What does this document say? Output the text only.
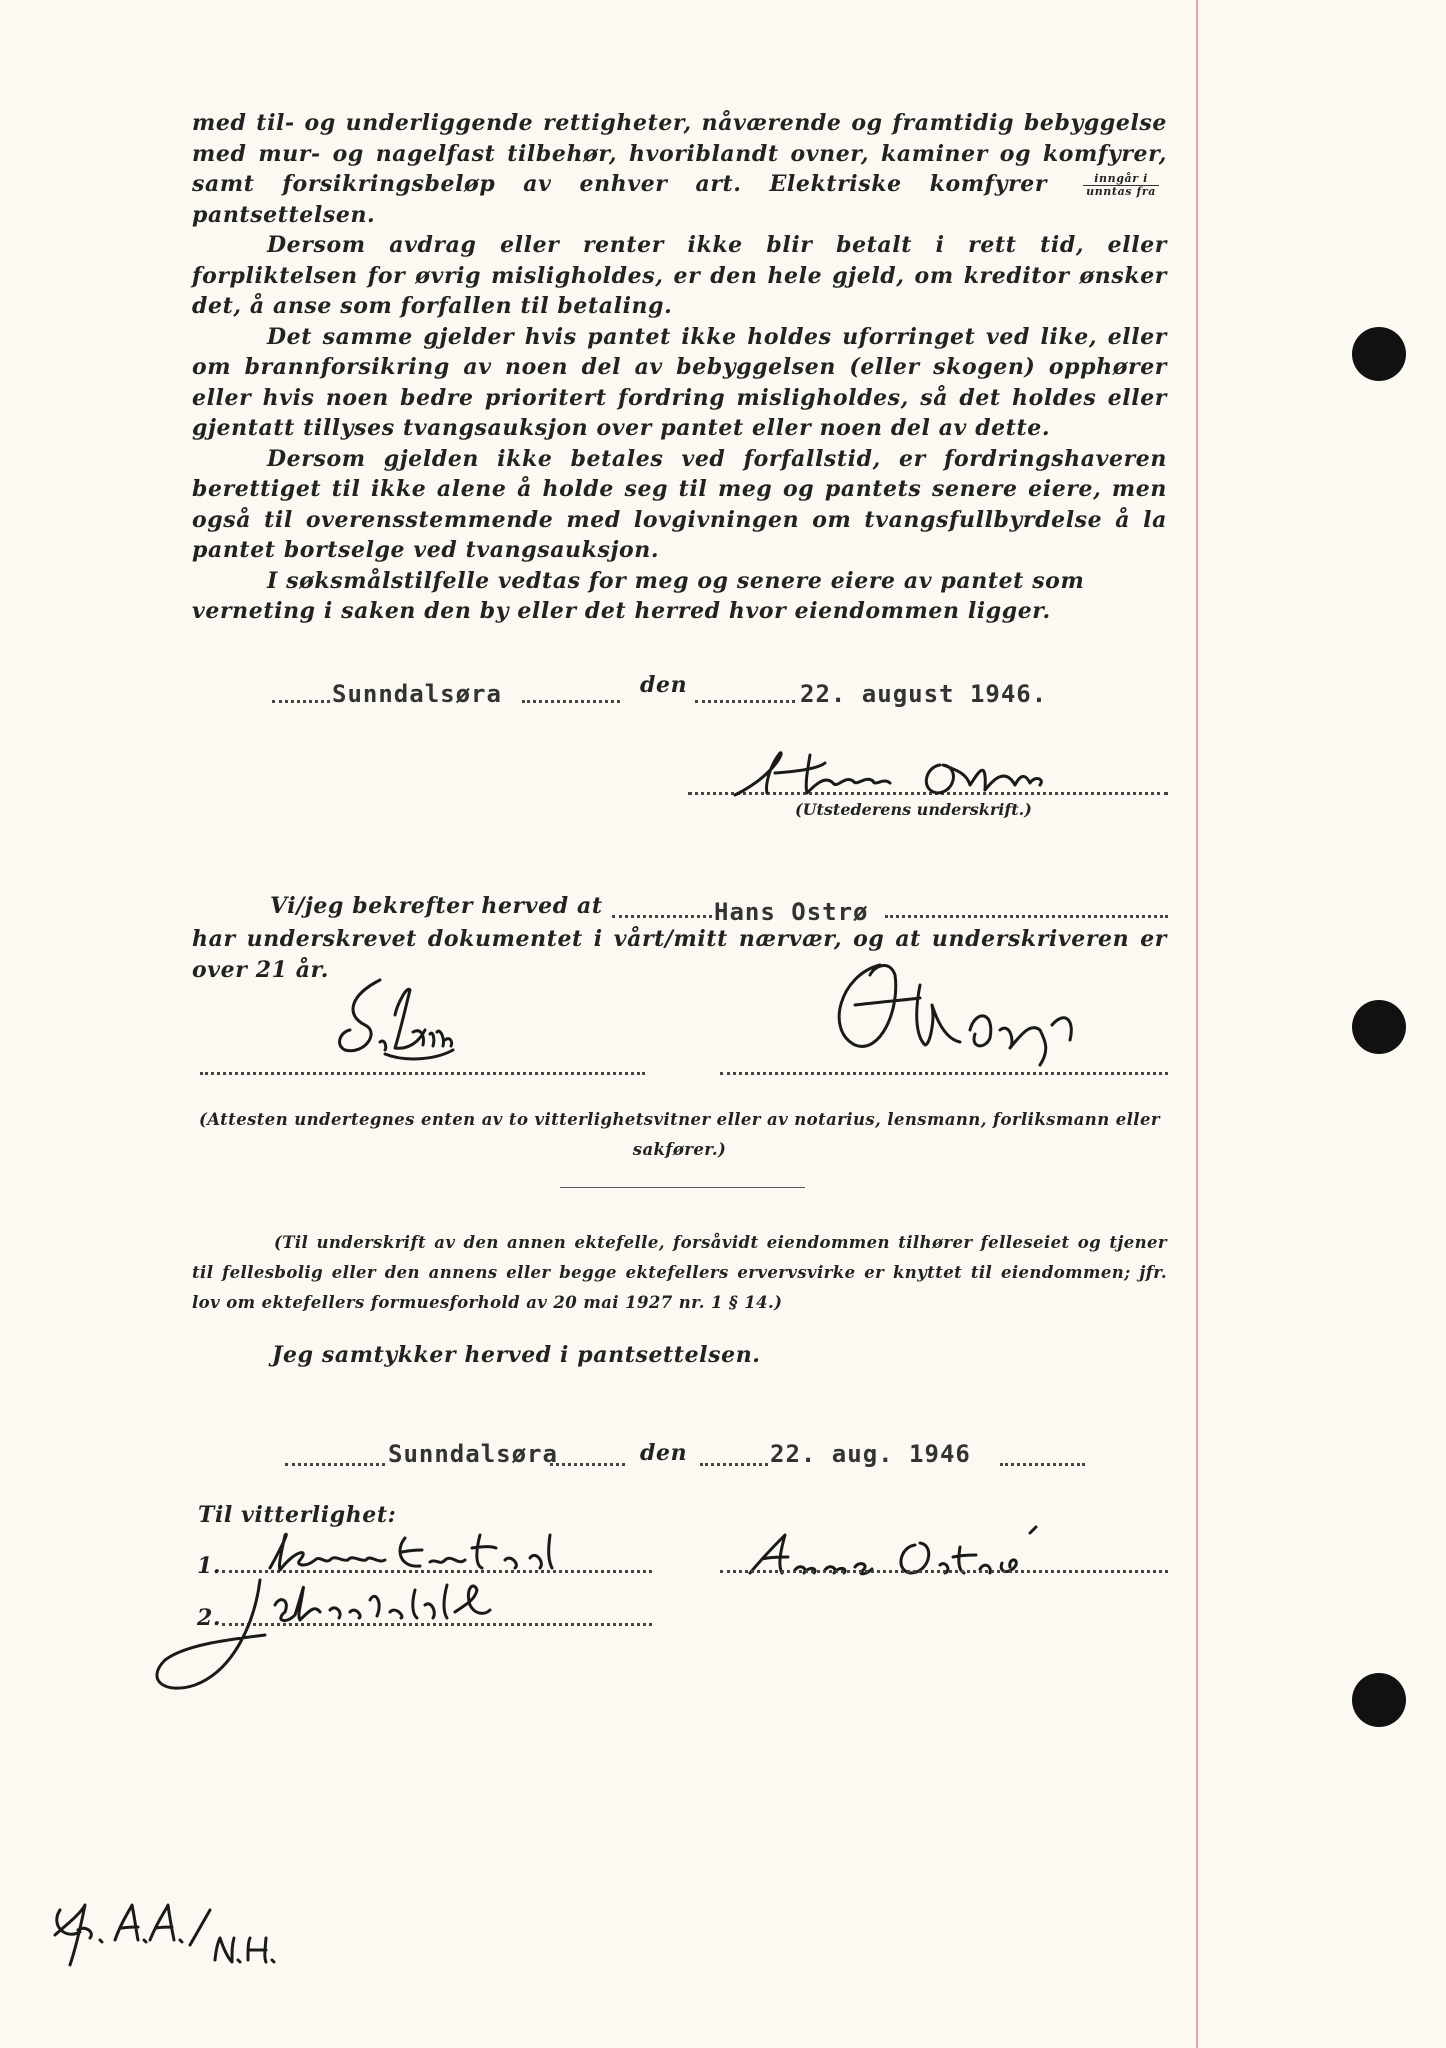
med til- og underliggende rettigheter, nåværende og framtidig bebyggelse med mur- og nagelfast tilbehør, hvoriblandt ovner, kaminer og komfyrer, samt forsikringsbeløp av enhver art. Elektriske komfyrer	$\frac{\text{inngår i}}{\text{unntas fra}}$
pantsettelsen.

Dersom avdrag eller renter ikke blir betalt i rett tid, eller forpliktelsen for øvrig misligholdes, er den hele gjeld, om kreditor ønsker det, å anse som forfallen til betaling.

Det samme gjelder hvis pantet ikke holdes uforringet ved like, eller om brannforsikring av noen del av bebyggelsen (eller skogen) opphører eller hvis noen bedre prioritert fordring misligholdes, så det holdes eller gjentatt tillyses tvangsauksjon over pantet eller noen del av dette.

Dersom gjelden ikke betales ved forfallstid, er fordringshaveren berettiget til ikke alene å holde seg til meg og pantets senere eiere, men også til overensstemmende med lovgivningen om tvangsfullbyrdelse å la pantet bortselge ved tvangsauksjon.

I søksmålstilfelle vedtas for meg og senere eiere av pantet som verneting i saken den by eller det herred hvor eiendommen ligger.

Sunndalsøra	den	22. august 1946.
(Utstederens underskrift.)
Vi/jeg bekrefter herved at	Hans Ostrø
har underskrevet dokumentet i vårt/mitt nærvær, og at underskriveren er over 21 år.
(Attesten undertegnes enten av to vitterlighetsvitner eller av notarius, lensmann, forliksmann eller sakfører.)
(Til underskrift av den annen ektefelle, forsåvidt eiendommen tilhører felleseiet og tjener til fellesbolig eller den annens eller begge ektefellers ervervsvirke er knyttet til eiendommen; jfr. lov om ektefellers formuesforhold av 20 mai 1927 nr. 1 § 14.)
Jeg samtykker herved i pantsettelsen.
Sunndalsøra	den	22. aug. 1946
Til vitterlighet:
1.
2.
